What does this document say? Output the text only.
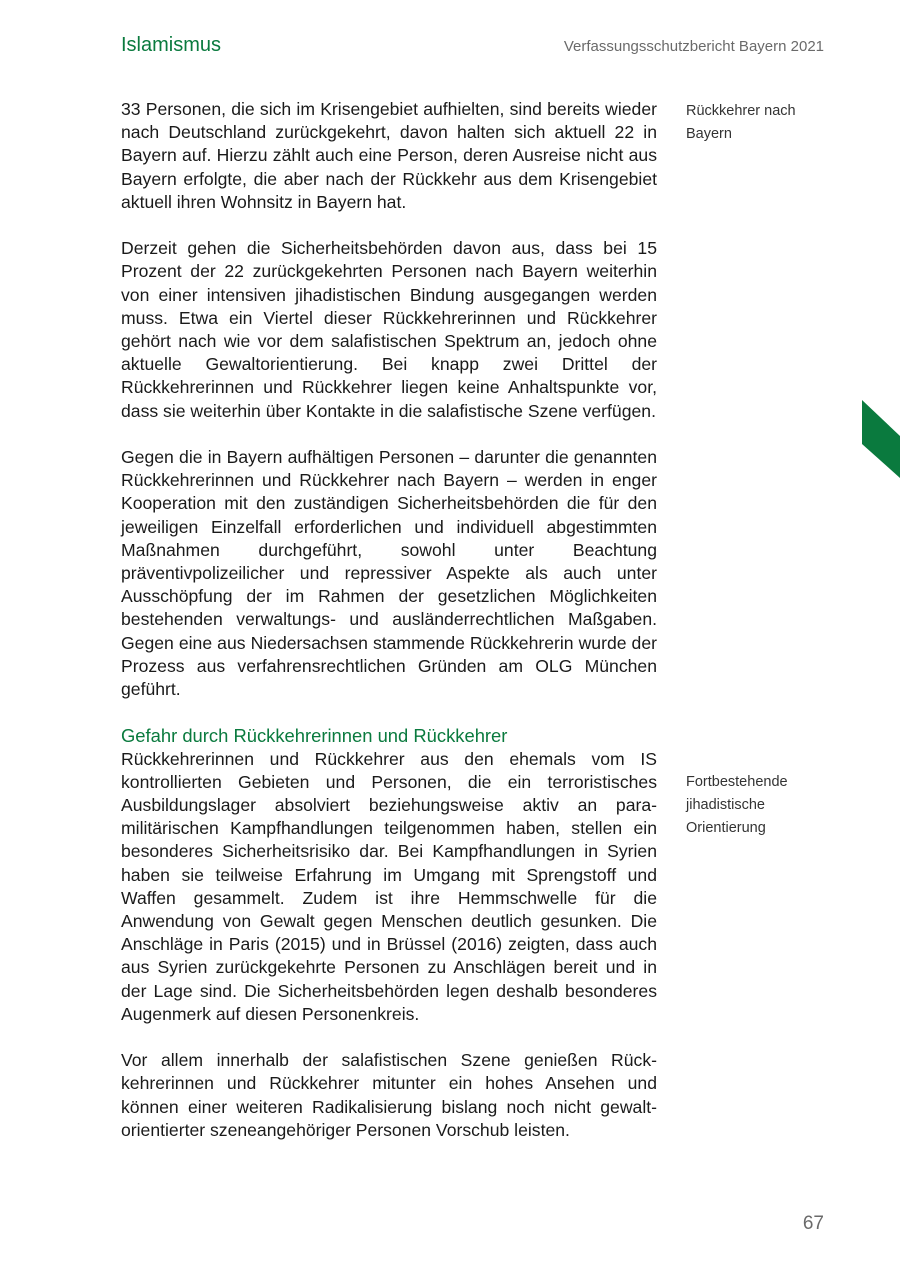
Islamismus	Verfassungsschutzbericht Bayern 2021

33 Personen, die sich im Krisengebiet aufhielten, sind bereits wieder nach Deutschland zurückgekehrt, davon halten sich aktuell 22 in Bayern auf. Hierzu zählt auch eine Person, deren Ausreise nicht aus Bayern erfolgte, die aber nach der Rückkehr aus dem Krisengebiet aktuell ihren Wohnsitz in Bayern hat.

Derzeit gehen die Sicherheitsbehörden davon aus, dass bei 15 Prozent der 22 zurückgekehrten Personen nach Bayern weiterhin von einer intensiven jihadistischen Bindung ausgegangen werden muss. Etwa ein Viertel dieser Rückkehrerinnen und Rückkehrer gehört nach wie vor dem salafistischen Spektrum an, jedoch ohne aktuelle Gewaltorientierung. Bei knapp zwei Drittel der Rückkehrerinnen und Rückkehrer liegen keine Anhaltspunkte vor, dass sie weiterhin über Kontakte in die salafistische Szene verfügen.

Gegen die in Bayern aufhältigen Personen – darunter die genannten Rückkehrerinnen und Rückkehrer nach Bayern – werden in enger Kooperation mit den zuständigen Sicherheitsbehörden die für den jeweiligen Einzelfall erforderlichen und individuell abgestimmten Maßnahmen durchgeführt, sowohl unter Beachtung präventivpolizeilicher und repressiver Aspekte als auch unter Ausschöpfung der im Rahmen der gesetzlichen Möglichkeiten bestehenden verwaltungs- und ausländerrechtlichen Maßgaben. Gegen eine aus Niedersachsen stammende Rückkehrerin wurde der Prozess aus verfahrensrechtlichen Gründen am OLG München geführt.

Gefahr durch Rückkehrerinnen und Rückkehrer

Rückkehrerinnen und Rückkehrer aus den ehemals vom IS kontrollierten Gebieten und Personen, die ein terroristisches Ausbildungslager absolviert beziehungsweise aktiv an paramilitärischen Kampfhandlungen teilgenommen haben, stellen ein besonderes Sicherheitsrisiko dar. Bei Kampfhandlungen in Syrien haben sie teilweise Erfahrung im Umgang mit Sprengstoff und Waffen gesammelt. Zudem ist ihre Hemmschwelle für die Anwendung von Gewalt gegen Menschen deutlich gesunken. Die Anschläge in Paris (2015) und in Brüssel (2016) zeigten, dass auch aus Syrien zurückgekehrte Personen zu Anschlägen bereit und in der Lage sind. Die Sicherheitsbehörden legen deshalb besonderes Augenmerk auf diesen Personenkreis.

Vor allem innerhalb der salafistischen Szene genießen Rückkehrerinnen und Rückkehrer mitunter ein hohes Ansehen und können einer weiteren Radikalisierung bislang noch nicht gewaltorientierter szeneangehöriger Personen Vorschub leisten.

Rückkehrer nach
Bayern
Fortbestehende
jihadistische
Orientierung
67
